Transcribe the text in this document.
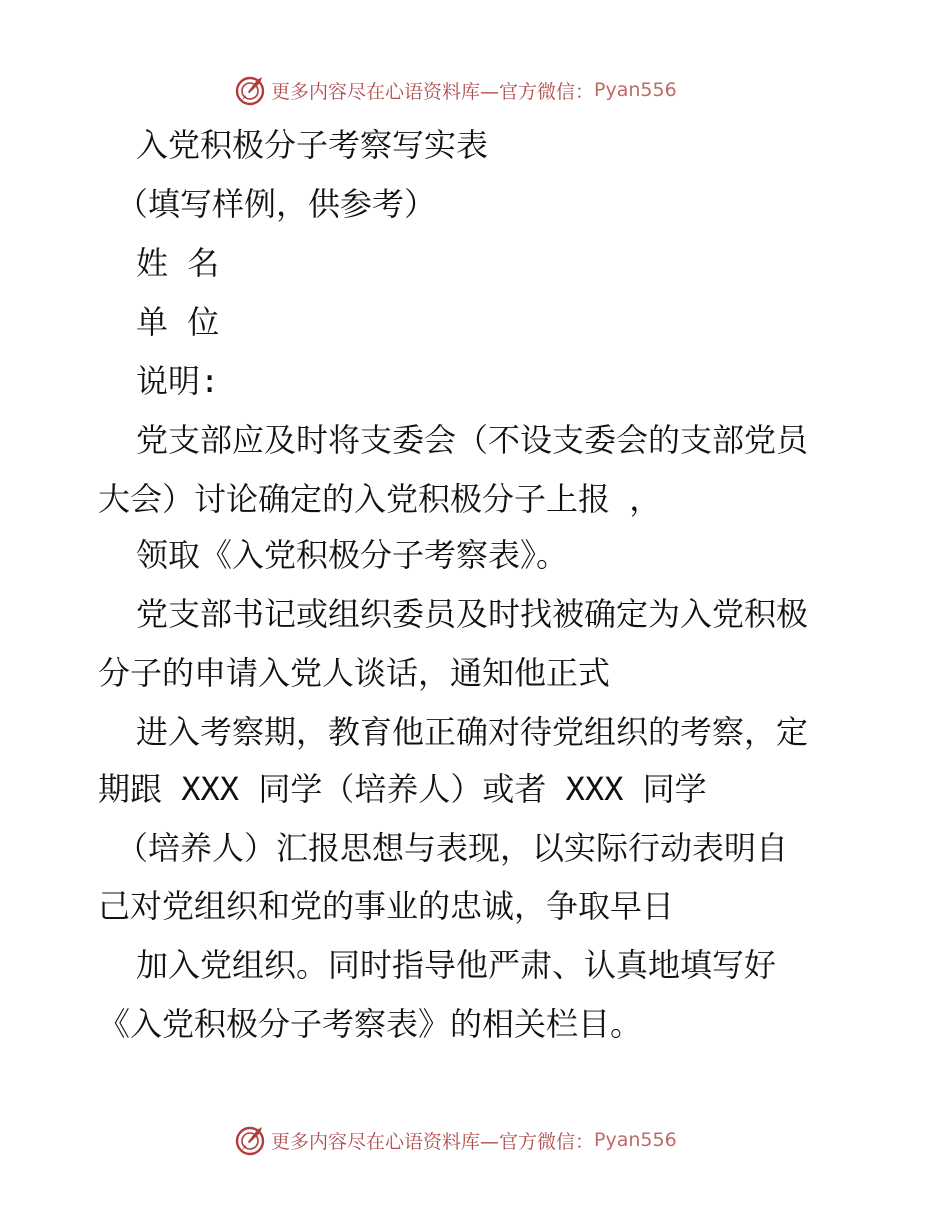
更多内容尽在心语资料库—官方微信： Pyan556
入党积极分子考察写实表
（填写样例，供参考）
姓 名
单 位
说明:
党支部应及时将支委会（不设支委会的支部党员
大会）讨论确定的入党积极分子上报 ，
领取《入党积极分子考察表》。
党支部书记或组织委员及时找被确定为入党积极
分子的申请入党人谈话，通知他正式
进入考察期，教育他正确对待党组织的考察，定
期跟 XXX 同学（培养人）或者 XXX 同学
（培养人）汇报思想与表现，以实际行动表明自
己对党组织和党的事业的忠诚，争取早日
加入党组织。同时指导他严肃、认真地填写好
《入党积极分子考察表》的相关栏目。
更多内容尽在心语资料库—官方微信： Pyan556
